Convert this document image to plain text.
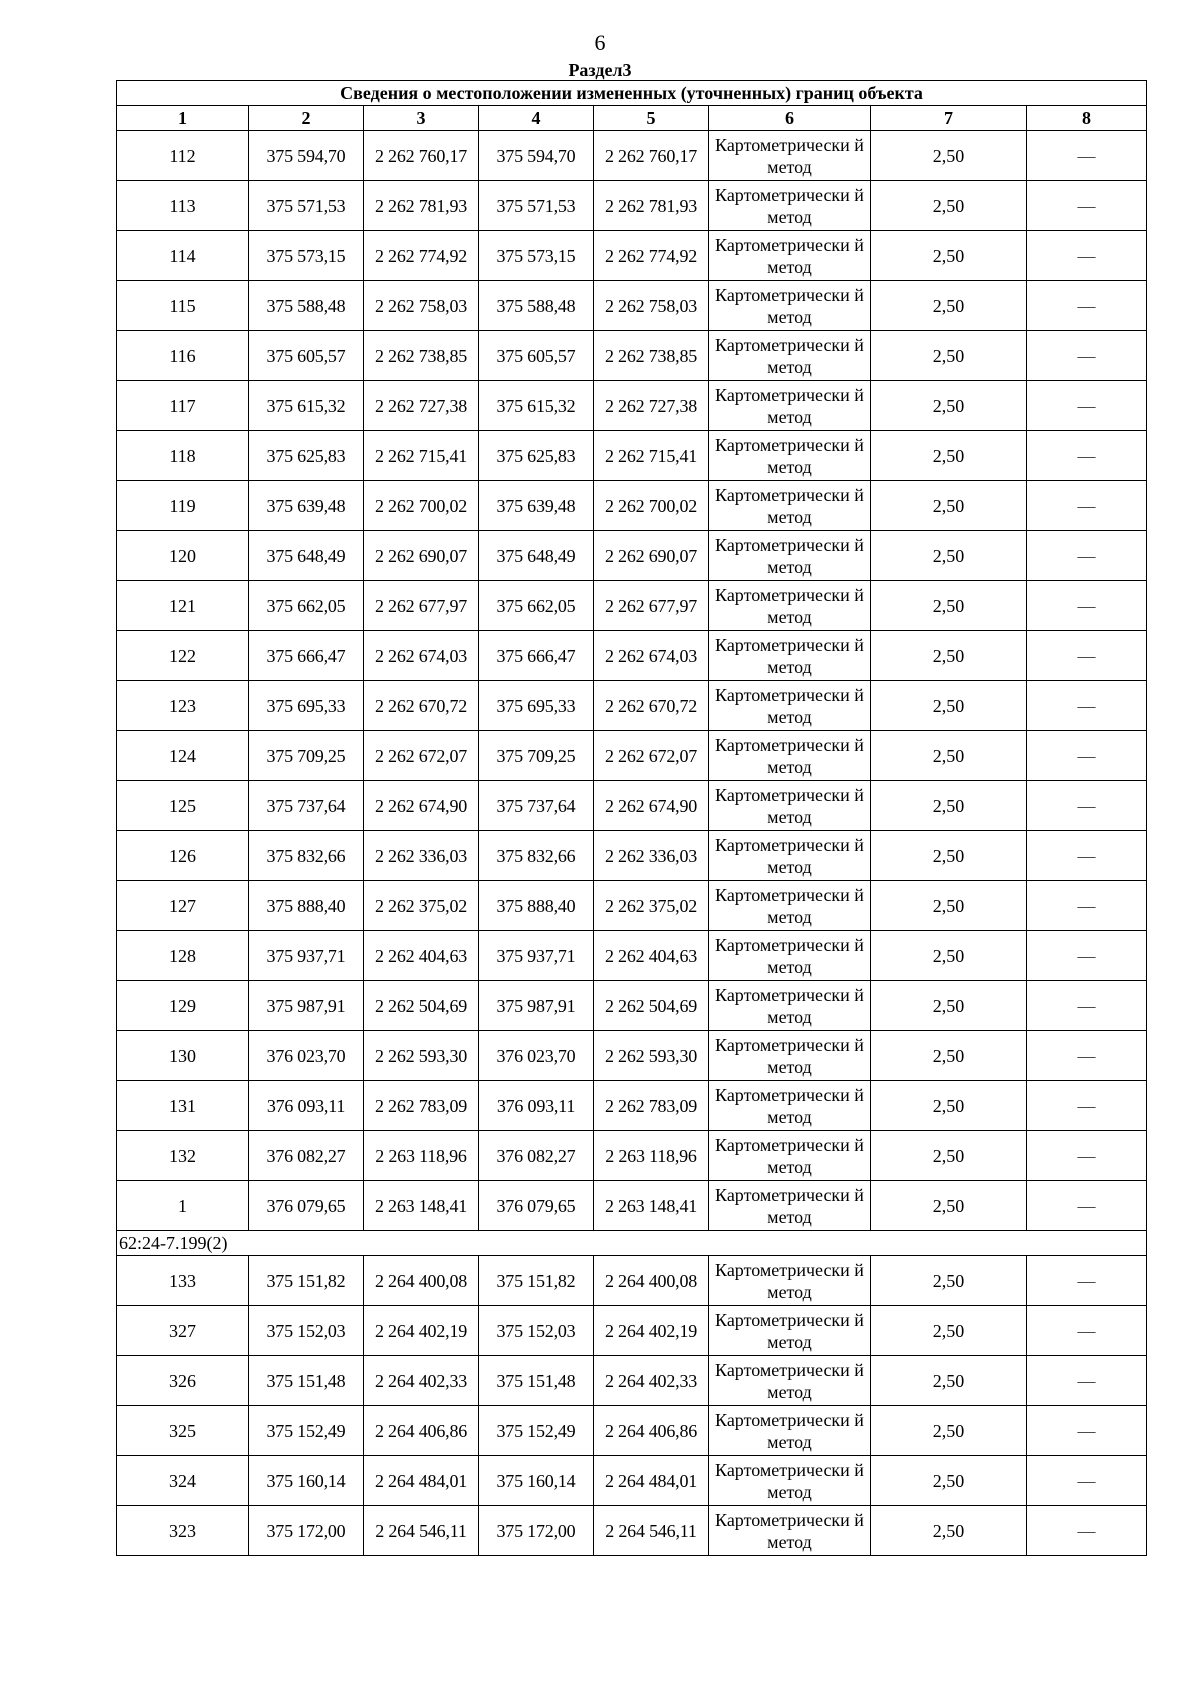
6
Раздел3
Сведения о местоположении измененных (уточненных) границ объекта							
1	2	3	4	5	6	7	8
112	375 594,70	2 262 760,17	375 594,70	2 262 760,17	Картометрически й метод	2,50	—
113	375 571,53	2 262 781,93	375 571,53	2 262 781,93	Картометрически й метод	2,50	—
114	375 573,15	2 262 774,92	375 573,15	2 262 774,92	Картометрически й метод	2,50	—
115	375 588,48	2 262 758,03	375 588,48	2 262 758,03	Картометрически й метод	2,50	—
116	375 605,57	2 262 738,85	375 605,57	2 262 738,85	Картометрически й метод	2,50	—
117	375 615,32	2 262 727,38	375 615,32	2 262 727,38	Картометрически й метод	2,50	—
118	375 625,83	2 262 715,41	375 625,83	2 262 715,41	Картометрически й метод	2,50	—
119	375 639,48	2 262 700,02	375 639,48	2 262 700,02	Картометрически й метод	2,50	—
120	375 648,49	2 262 690,07	375 648,49	2 262 690,07	Картометрически й метод	2,50	—
121	375 662,05	2 262 677,97	375 662,05	2 262 677,97	Картометрически й метод	2,50	—
122	375 666,47	2 262 674,03	375 666,47	2 262 674,03	Картометрически й метод	2,50	—
123	375 695,33	2 262 670,72	375 695,33	2 262 670,72	Картометрически й метод	2,50	—
124	375 709,25	2 262 672,07	375 709,25	2 262 672,07	Картометрически й метод	2,50	—
125	375 737,64	2 262 674,90	375 737,64	2 262 674,90	Картометрически й метод	2,50	—
126	375 832,66	2 262 336,03	375 832,66	2 262 336,03	Картометрически й метод	2,50	—
127	375 888,40	2 262 375,02	375 888,40	2 262 375,02	Картометрически й метод	2,50	—
128	375 937,71	2 262 404,63	375 937,71	2 262 404,63	Картометрически й метод	2,50	—
129	375 987,91	2 262 504,69	375 987,91	2 262 504,69	Картометрически й метод	2,50	—
130	376 023,70	2 262 593,30	376 023,70	2 262 593,30	Картометрически й метод	2,50	—
131	376 093,11	2 262 783,09	376 093,11	2 262 783,09	Картометрически й метод	2,50	—
132	376 082,27	2 263 118,96	376 082,27	2 263 118,96	Картометрически й метод	2,50	—
1	376 079,65	2 263 148,41	376 079,65	2 263 148,41	Картометрически й метод	2,50	—
62:24-7.199(2)							
133	375 151,82	2 264 400,08	375 151,82	2 264 400,08	Картометрически й метод	2,50	—
327	375 152,03	2 264 402,19	375 152,03	2 264 402,19	Картометрически й метод	2,50	—
326	375 151,48	2 264 402,33	375 151,48	2 264 402,33	Картометрически й метод	2,50	—
325	375 152,49	2 264 406,86	375 152,49	2 264 406,86	Картометрически й метод	2,50	—
324	375 160,14	2 264 484,01	375 160,14	2 264 484,01	Картометрически й метод	2,50	—
323	375 172,00	2 264 546,11	375 172,00	2 264 546,11	Картометрически й метод	2,50	—
